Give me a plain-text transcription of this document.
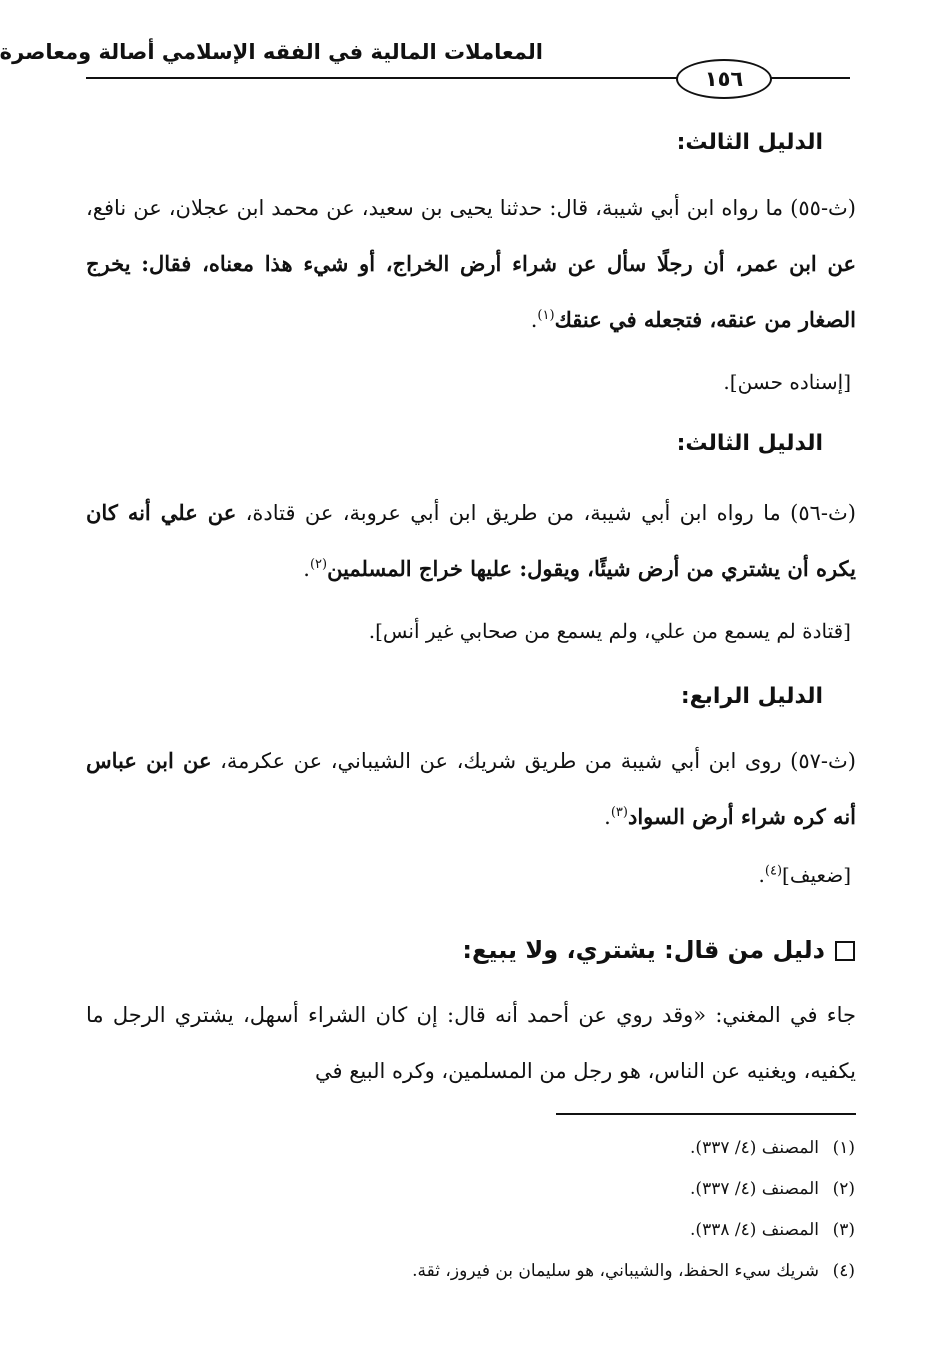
المعاملات المالية في الفقه الإسلامي أصالة ومعاصرة
١٥٦
الدليل الثالث:
(ث-٥٥) ما رواه ابن أبي شيبة، قال: حدثنا يحيى بن سعيد، عن محمد ابن عجلان، عن نافع، عن ابن عمر، أن رجلًا سأل عن شراء أرض الخراج، أو شيء هذا معناه، فقال: يخرج الصغار من عنقه، فتجعله في عنقك$^{(١)}$.
[إسناده حسن].
الدليل الثالث:
(ث-٥٦) ما رواه ابن أبي شيبة، من طريق ابن أبي عروبة، عن قتادة، عن علي أنه كان يكره أن يشتري من أرض شيئًا، ويقول: عليها خراج المسلمين$^{(٢)}$.
[قتادة لم يسمع من علي، ولم يسمع من صحابي غير أنس].
الدليل الرابع:
(ث-٥٧) روى ابن أبي شيبة من طريق شريك، عن الشيباني، عن عكرمة، عن ابن عباس أنه كره شراء أرض السواد$^{(٣)}$.
[ضعيف]$^{(٤)}$.
دليل من قال: يشتري، ولا يبيع:
جاء في المغني: «وقد روي عن أحمد أنه قال: إن كان الشراء أسهل، يشتري الرجل ما يكفيه، ويغنيه عن الناس، هو رجل من المسلمين، وكره البيع في
(١)المصنف (٤/ ٣٣٧).
(٢)المصنف (٤/ ٣٣٧).
(٣)المصنف (٤/ ٣٣٨).
(٤)شريك سيء الحفظ، والشيباني، هو سليمان بن فيروز، ثقة.
